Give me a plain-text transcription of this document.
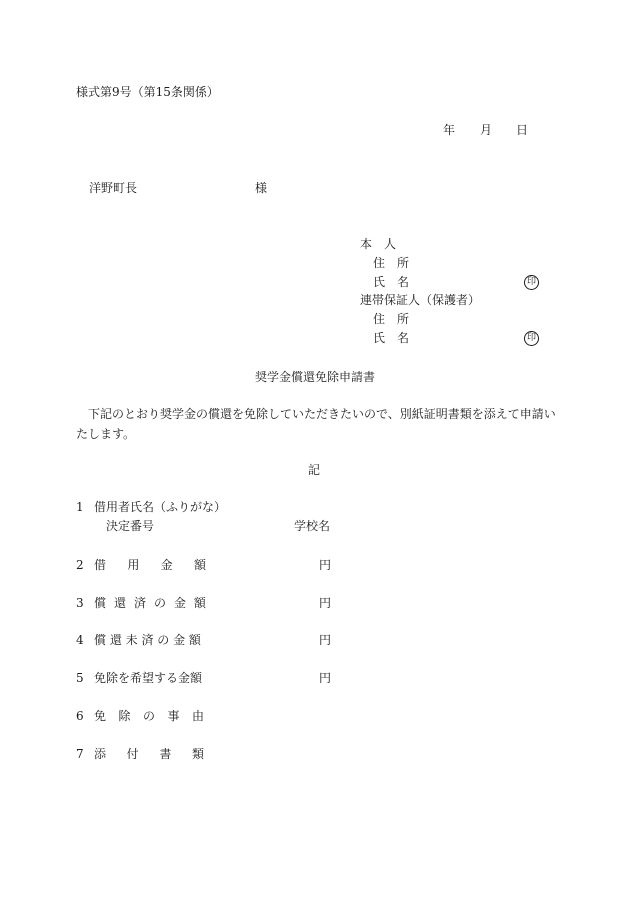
様式第9号（第15条関係）
年 月 日
洋野町長	様
本　人
住　所
氏　名	印
連帯保証人（保護者）
住　所
氏　名	印
奨学金償還免除申請書
下記のとおり奨学金の償還を免除していただきたいので、別紙証明書類を添えて申請いたします。
記
1 借用者氏名（ふりがな）
決定番号	学校名
2 借 用 金 額	円
3 償 還 済 の 金 額	円
4 償 還 未 済 の 金 額	円
5 免除を希望する金額	円
6 免 除 の 事 由
7 添 付 書 類
